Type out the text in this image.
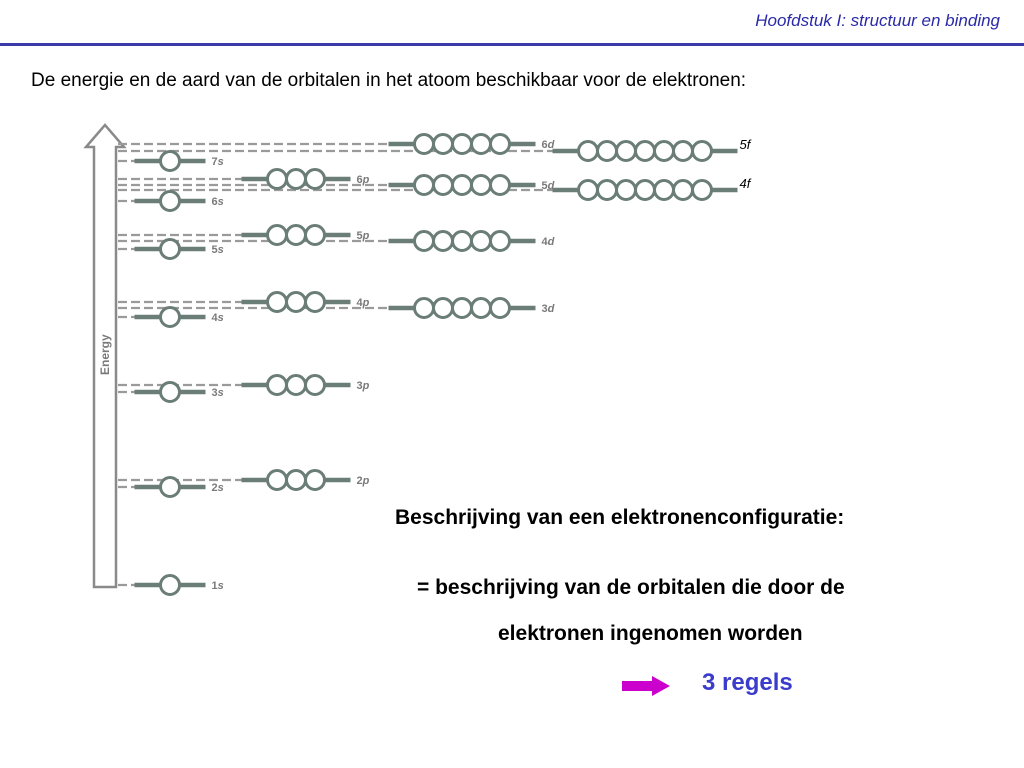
Hoofdstuk I: structuur en binding
De energie en de aard van de orbitalen in het atoom beschikbaar voor de elektronen:
Energy
1s
2s
2p
3s
3p
4s
3d
4p
5s
4d
5p
6s
4f
5d
6p
7s
5f
6d
Beschrijving van een elektronenconfiguratie:
= beschrijving van de orbitalen die door de
elektronen ingenomen worden
3 regels
